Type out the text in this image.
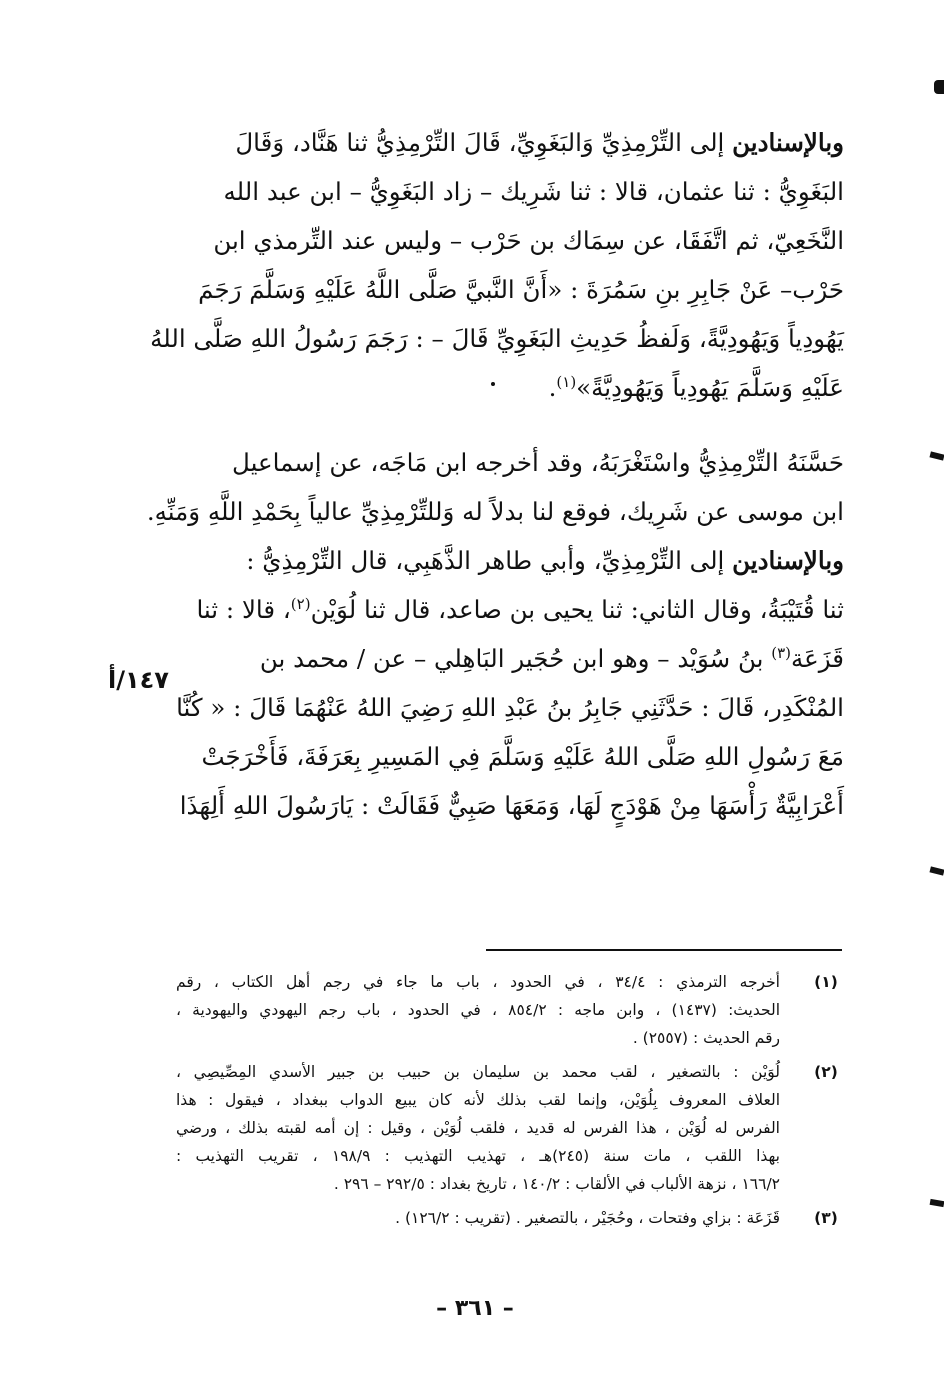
وبالإسنادين إلى التِّرْمِذِيِّ وَالبَغَوِيِّ، قَالَ التِّرْمِذِيُّ ثنا هَنَّاد، وَقَالَ
البَغَوِيُّ : ثنا عثمان، قالا : ثنا شَرِيك – زاد البَغَوِيُّ – ابن عبد الله
النَّخَعِيّ، ثم اتَّفَقَا، عن سِمَاك بن حَرْب – وليس عند التِّرمذي ابن
حَرْب– عَنْ جَابِرِ بنِ سَمُرَةَ : «أَنَّ النَّبيَّ صَلَّى اللَّهُ عَلَيْهِ وَسَلَّمَ رَجَمَ
يَهُودِياً وَيَهُودِيَّةً، وَلَفظُ حَدِيثِ البَغَوِيِّ قَالَ – : رَجَمَ رَسُولُ اللهِ صَلَّى اللهُ
عَلَيْهِ وَسَلَّمَ يَهُودِياً وَيَهُودِيَّةً»$^{(١)}$.

حَسَّنَهُ التِّرْمِذِيُّ واسْتَغْرَبَهُ، وقد أخرجه ابن مَاجَه، عن إسماعيل
ابن موسى عن شَرِيك، فوقع لنا بدلاً له وَللتِّرْمِذِيِّ عالياً بِحَمْدِ اللَّهِ وَمَنِّهِ.

وبالإسنادين إلى التِّرْمِذِيِّ، وأبي طاهر الذَّهَبِي، قال التِّرْمِذِيُّ :
ثنا قُتَيْبَةُ، وقال الثاني: ثنا يحيى بن صاعد، قال ثنا لُوَيْن$^{(٢)}$، قالا : ثنا
قَزَعَة$^{(٣)}$ بنُ سُوَيْد – وهو ابن حُجَير البَاهِلي – عن / محمد بن
المُنْكَدِر، قَالَ : حَدَّثَنِي جَابِرُ بنُ عَبْدِ اللهِ رَضِيَ اللهُ عَنْهُمَا قَالَ : « كُنَّا
مَعَ رَسُولِ اللهِ صَلَّى اللهُ عَلَيْهِ وَسَلَّمَ فِي المَسِيرِ بِعَرَفَةَ، فَأَخْرَجَتْ
أَعْرَابِيَّةٌ رَأْسَهَا مِنْ هَوْدَجٍ لَهَا، وَمَعَهَا صَبِيٌّ فَقَالَتْ : يَارَسُولَ اللهِ أَلِهَذَا

١٤٧/أ
(١)
أخرجه الترمذي : ٣٤/٤ ، في الحدود ، باب ما جاء في رجم أهل الكتاب ، رقم
الحديث: (١٤٣٧) ، وابن ماجه : ٨٥٤/٢ ، في الحدود ، باب رجم اليهودي واليهودية ،
رقم الحديث : (٢٥٥٧) .
(٢)
لُوَيْن : بالتصغير ، لقب محمد بن سليمان بن حبيب بن جبير الأسدي المِصِّيصِي ،
العلاف المعروف بِلُوَيْن، وإنما لقب بذلك لأنه كان يبيع الدواب ببغداد ، فيقول : هذا
الفرس له لُوَيْن ، هذا الفرس له قديد ، فلقب لُوَيْن ، وقيل : إن أمه لقبته بذلك ، ورضي
بهذا اللقب ، مات سنة (٢٤٥)هـ ، تهذيب التهذيب : ١٩٨/٩ ، تقريب التهذيب :
١٦٦/٢ ، نزهة الألباب في الألقاب : ١٤٠/٢ ، تاريخ بغداد : ٢٩٢/٥ – ٢٩٦ .
(٣)
قَزَعَة : بزاي وفتحات ، وحُجَيْر ، بالتصغير . (تقريب : ١٢٦/٢) .
– ٣٦١ –
